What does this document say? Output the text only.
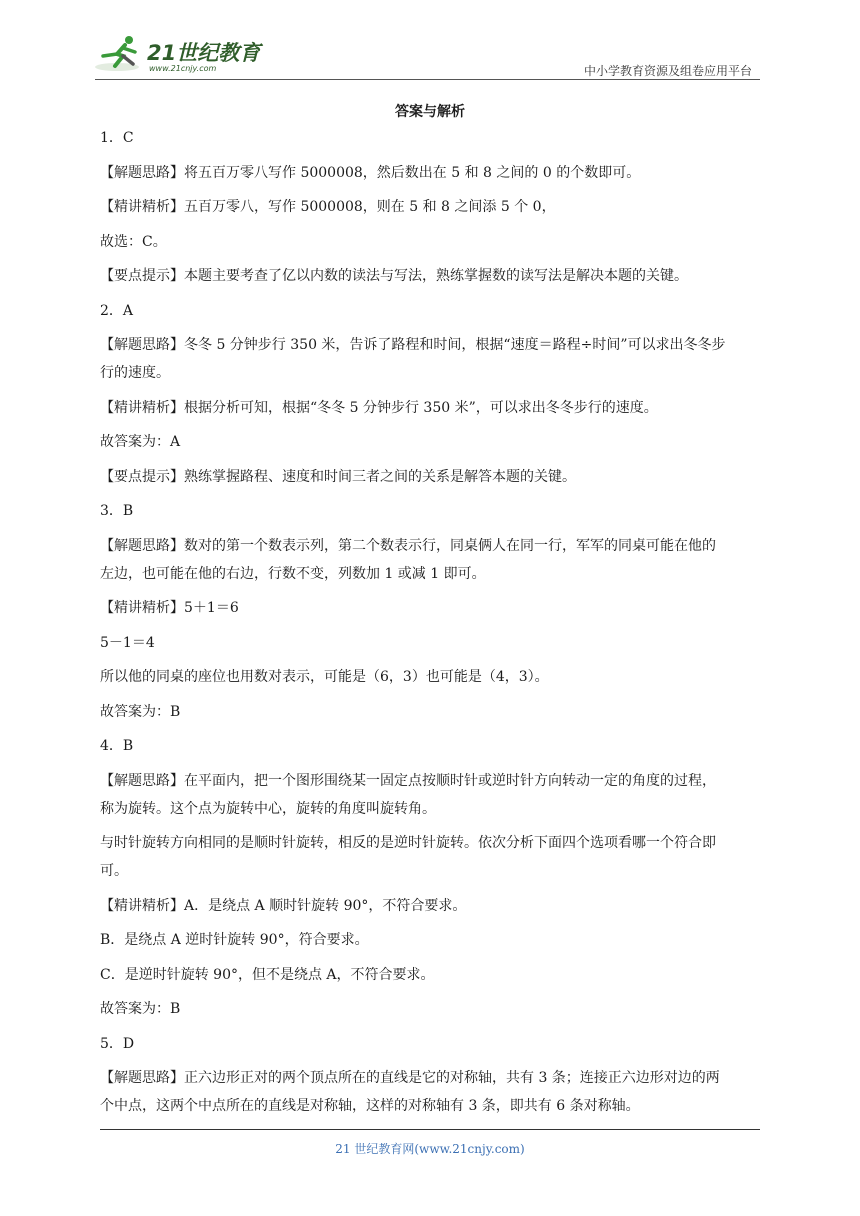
21世纪教育
www.21cnjy.com	中小学教育资源及组卷应用平台
答案与解析

1．C

【解题思路】将五百万零八写作 5000008，然后数出在 5 和 8 之间的 0 的个数即可。

【精讲精析】五百万零八，写作 5000008，则在 5 和 8 之间添 5 个 0，

故选：C。

【要点提示】本题主要考查了亿以内数的读法与写法，熟练掌握数的读写法是解决本题的关键。

2．A

【解题思路】冬冬 5 分钟步行 350 米，告诉了路程和时间，根据“速度＝路程÷时间”可以求出冬冬步

行的速度。

【精讲精析】根据分析可知，根据“冬冬 5 分钟步行 350 米”，可以求出冬冬步行的速度。

故答案为：A

【要点提示】熟练掌握路程、速度和时间三者之间的关系是解答本题的关键。

3．B

【解题思路】数对的第一个数表示列，第二个数表示行，同桌俩人在同一行，军军的同桌可能在他的

左边，也可能在他的右边，行数不变，列数加 1 或减 1 即可。

【精讲精析】5＋1＝6

5－1＝4

所以他的同桌的座位也用数对表示，可能是（6，3）也可能是（4，3）。

故答案为：B

4．B

【解题思路】在平面内，把一个图形围绕某一固定点按顺时针或逆时针方向转动一定的角度的过程，

称为旋转。这个点为旋转中心，旋转的角度叫旋转角。

与时针旋转方向相同的是顺时针旋转，相反的是逆时针旋转。依次分析下面四个选项看哪一个符合即

可。

【精讲精析】A．是绕点 A 顺时针旋转 90°，不符合要求。

B．是绕点 A 逆时针旋转 90°，符合要求。

C．是逆时针旋转 90°，但不是绕点 A，不符合要求。

故答案为：B

5．D

【解题思路】正六边形正对的两个顶点所在的直线是它的对称轴，共有 3 条；连接正六边形对边的两

个中点，这两个中点所在的直线是对称轴，这样的对称轴有 3 条，即共有 6 条对称轴。

21 世纪教育网(www.21cnjy.com)
